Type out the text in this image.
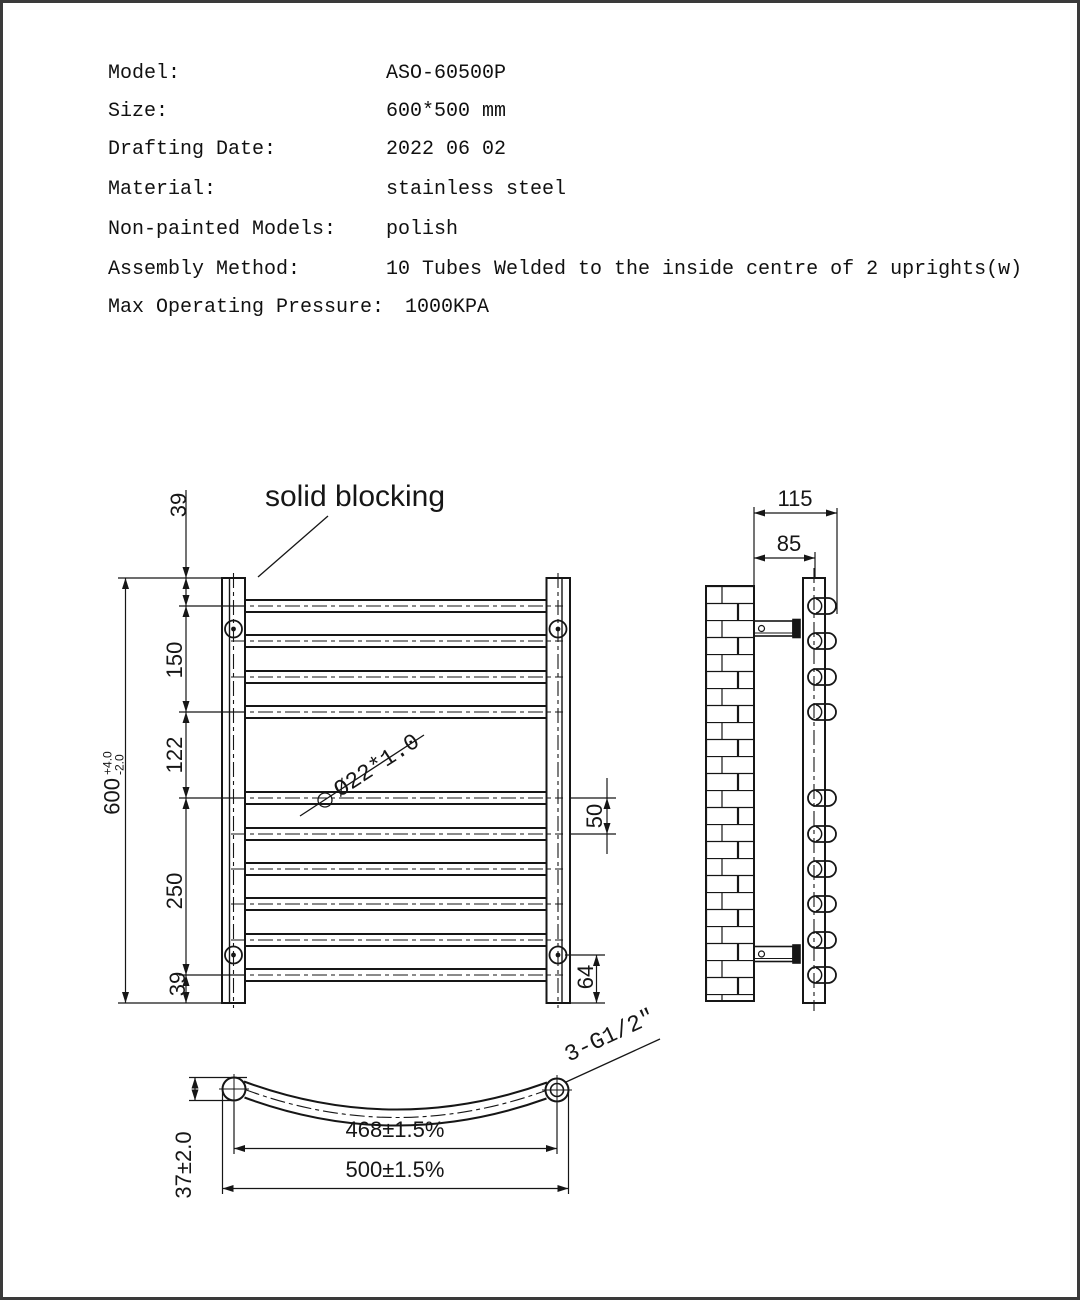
Model:	ASO-60500P
Size:	600*500 mm
Drafting Date:	2022 06 02
Material:	stainless steel
Non-painted Models: polish
Assembly Method:	10 Tubes Welded to the inside centre of 2 uprights(w)
Max Operating Pressure: 1000KPA
solid blocking
39
150
122
250
39
600
+4.0
-2.0
50
64
Ø22*1.0
115
85
468±1.5%
500±1.5%
37±2.0
3-G1/2"
